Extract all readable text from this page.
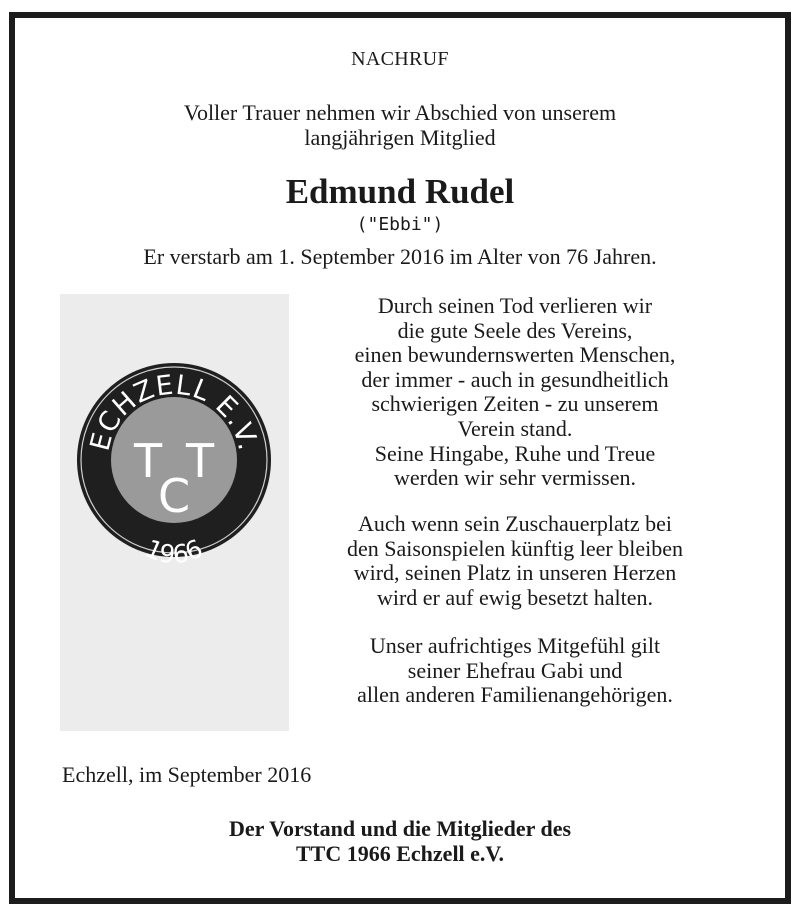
NACHRUF
Voller Trauer nehmen wir Abschied von unserem
langjährigen Mitglied
Edmund Rudel
("Ebbi")
Er verstarb am 1. September 2016 im Alter von 76 Jahren.
ECHZELL E.V.
T T
C
1966
Durch seinen Tod verlieren wir
die gute Seele des Vereins,
einen bewundernswerten Menschen,
der immer - auch in gesundheitlich
schwierigen Zeiten - zu unserem
Verein stand.
Seine Hingabe, Ruhe und Treue
werden wir sehr vermissen.
Auch wenn sein Zuschauerplatz bei
den Saisonspielen künftig leer bleiben
wird, seinen Platz in unseren Herzen
wird er auf ewig besetzt halten.
Unser aufrichtiges Mitgefühl gilt
seiner Ehefrau Gabi und
allen anderen Familienangehörigen.
Echzell, im September 2016
Der Vorstand und die Mitglieder des
TTC 1966 Echzell e.V.
